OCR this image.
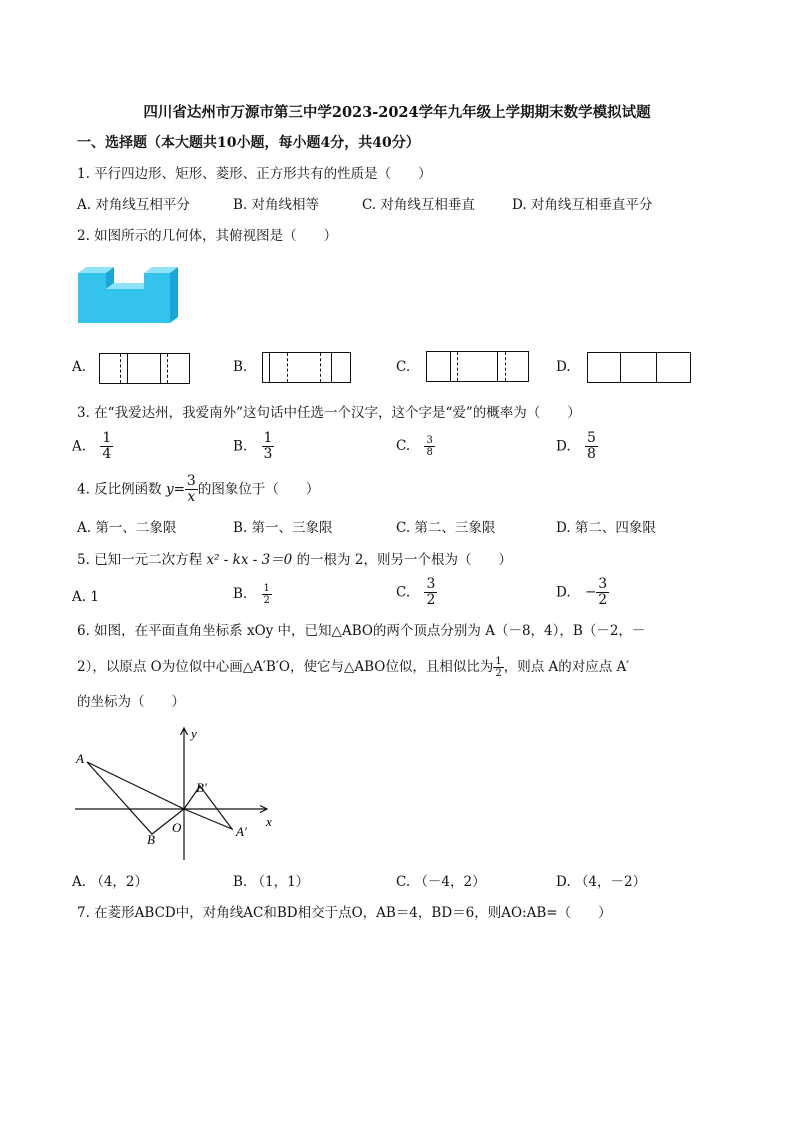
四川省达州市万源市第三中学2023-2024学年九年级上学期期末数学模拟试题
一、选择题（本大题共10小题，每小题4分，共40分）
1. 平行四边形、矩形、菱形、正方形共有的性质是（　　）
A. 对角线互相平分	B. 对角线相等	C. 对角线互相垂直	D. 对角线互相垂直平分
2. 如图所示的几何体，其俯视图是（　　）
A.	B.	C.	D.
3. 在“我爱达州，我爱南外”这句话中任选一个汉字，这个字是“爱”的概率为（　　）
A. $\frac{1}{4}$	B. $\frac{1}{3}$	C. $\frac{3}{8}$	D. $\frac{5}{8}$
4. 反比例函数 $y= \frac{3}{x}$ 的图象位于（　　）
A. 第一、二象限	B. 第一、三象限	C. 第二、三象限	D. 第二、四象限
5. 已知一元二次方程 x² - kx - 3＝0 的一根为 2，则另一个根为（　　）
A. 1	B. $\frac{1}{2}$	C. $\frac{3}{2}$	D. − $\frac{3}{2}$
6. 如图，在平面直角坐标系 xOy 中，已知△ABO的两个顶点分别为 A（－8，4），B（－2，－
2），以原点 O为位似中心画△A′B′O，使它与△ABO位似，且相似比为 $\frac{1}{2}$ ，则点 A的对应点 A′
的坐标为（　　）
A
B
O	A′
B′
x
y
A. （4，2）	B. （1，1）	C. （－4，2）	D. （4，－2）
7. 在菱形ABCD中，对角线AC和BD相交于点O，AB＝4，BD＝6，则AO:AB=（　　）
